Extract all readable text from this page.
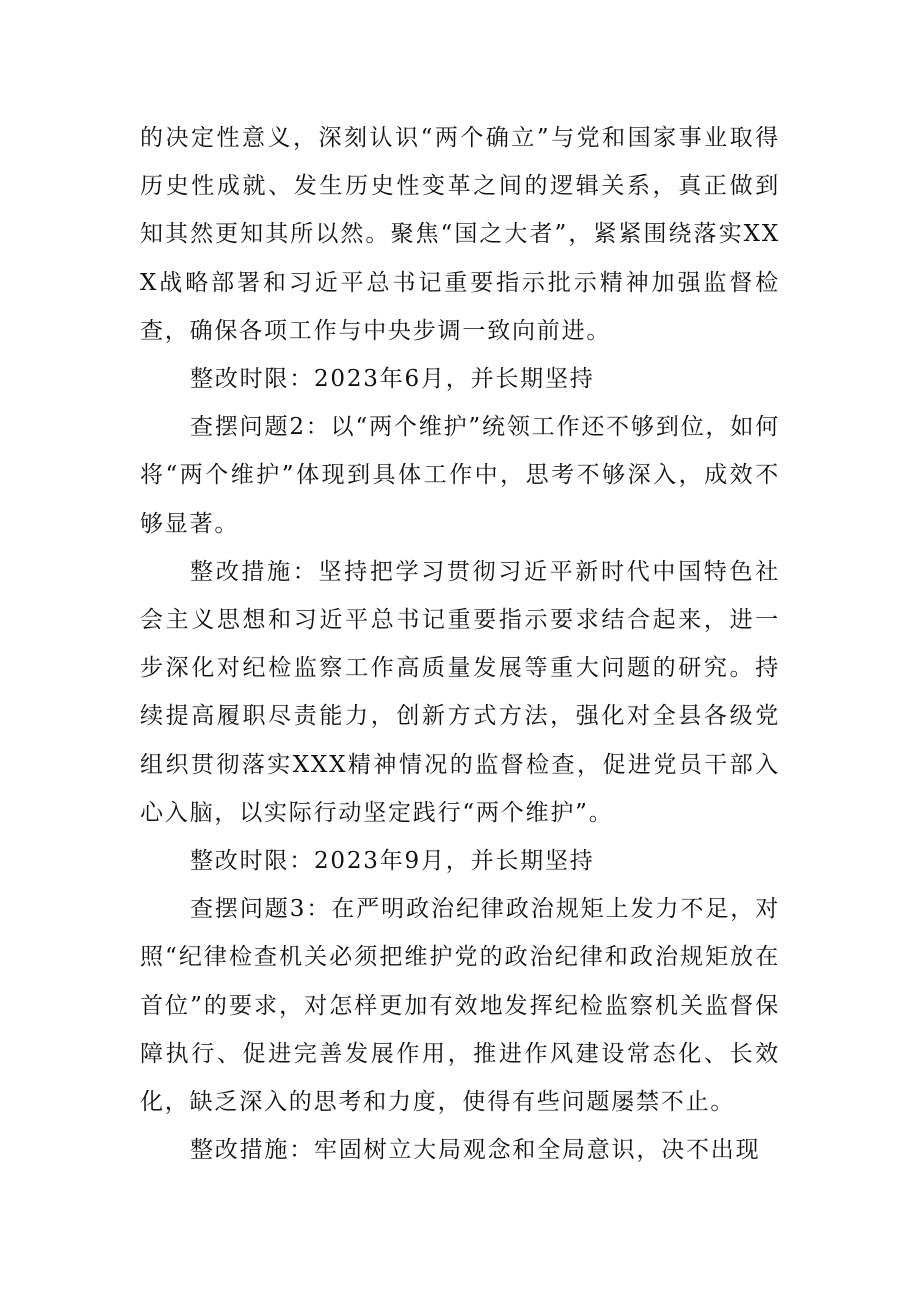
的决定性意义，深刻认识“两个确立”与党和国家事业取得历史性成就、发生历史性变革之间的逻辑关系，真正做到知其然更知其所以然。聚焦“国之大者”，紧紧围绕落实XXX战略部署和习近平总书记重要指示批示精神加强监督检查，确保各项工作与中央步调一致向前进。

整改时限：2023年6月，并长期坚持

查摆问题2：以“两个维护”统领工作还不够到位，如何将“两个维护”体现到具体工作中，思考不够深入，成效不够显著。

整改措施：坚持把学习贯彻习近平新时代中国特色社会主义思想和习近平总书记重要指示要求结合起来，进一步深化对纪检监察工作高质量发展等重大问题的研究。持续提高履职尽责能力，创新方式方法，强化对全县各级党组织贯彻落实XXX精神情况的监督检查，促进党员干部入心入脑，以实际行动坚定践行“两个维护”。

整改时限：2023年9月，并长期坚持

查摆问题3：在严明政治纪律政治规矩上发力不足，对照“纪律检查机关必须把维护党的政治纪律和政治规矩放在首位”的要求，对怎样更加有效地发挥纪检监察机关监督保障执行、促进完善发展作用，推进作风建设常态化、长效化，缺乏深入的思考和力度，使得有些问题屡禁不止。

整改措施：牢固树立大局观念和全局意识，决不出现
